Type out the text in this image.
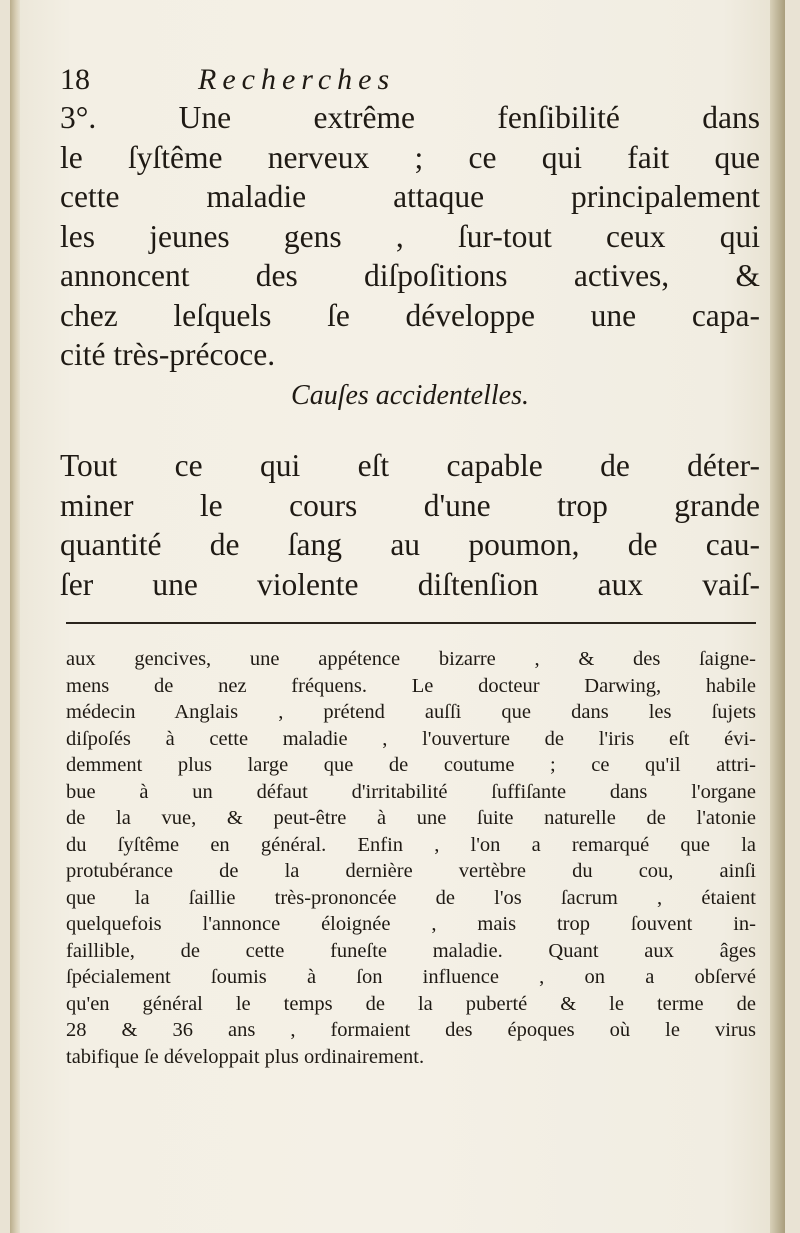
18	Recherches
3°. Une extrême fenſibilité dans
le ſyſtême nerveux ; ce qui fait que
cette maladie attaque principalement
les jeunes gens , ſur-tout ceux qui
annoncent des diſpoſitions actives, &
chez leſquels ſe développe une capa-
cité très-précoce.
Cauſes accidentelles.
Tout ce qui eſt capable de déter-
miner le cours d'une trop grande
quantité de ſang au poumon, de cau-
ſer une violente diſtenſion aux vaiſ-
aux gencives, une appétence bizarre , & des ſaigne-
mens de nez fréquens. Le docteur Darwing, habile
médecin Anglais , prétend auſſi que dans les ſujets
diſpoſés à cette maladie , l'ouverture de l'iris eſt évi-
demment plus large que de coutume ; ce qu'il attri-
bue à un défaut d'irritabilité ſuffiſante dans l'organe
de la vue, & peut-être à une ſuite naturelle de l'atonie
du ſyſtême en général. Enfin , l'on a remarqué que la
protubérance de la dernière vertèbre du cou, ainſi
que la ſaillie très-prononcée de l'os ſacrum , étaient
quelquefois l'annonce éloignée , mais trop ſouvent in-
faillible, de cette funeſte maladie. Quant aux âges
ſpécialement ſoumis à ſon influence , on a obſervé
qu'en général le temps de la puberté & le terme de
28 & 36 ans , formaient des époques où le virus
tabifique ſe développait plus ordinairement.
